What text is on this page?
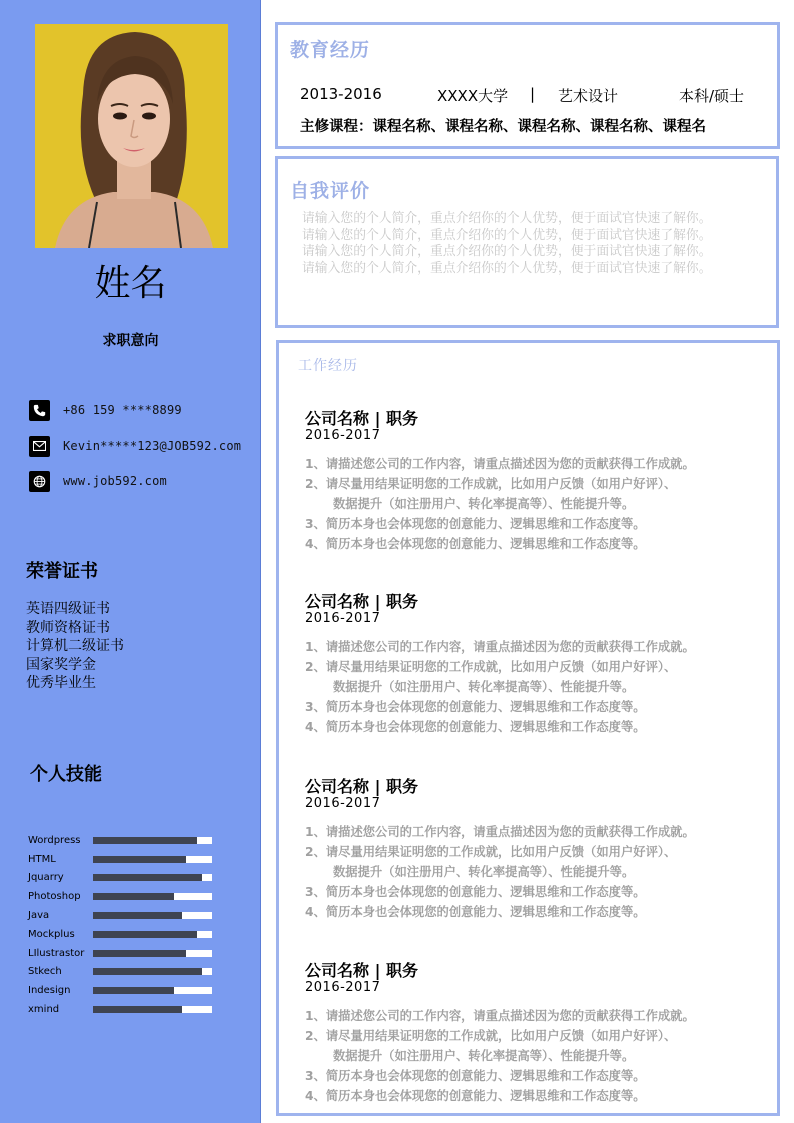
姓名
求职意向
+86 159 ****8899
Kevin*****123@JOB592.com
www.job592.com
荣誉证书
英语四级证书
教师资格证书
计算机二级证书
国家奖学金
优秀毕业生
个人技能
Wordpress
HTML
Jquarry
Photoshop
Java
Mockplus
LIlustrastor
Stkech
Indesign
xmind
教育经历
2013-2016	XXXX大学 | 艺术设计	本科/硕士
主修课程：课程名称、课程名称、课程名称、课程名称、课程名
自我评价
请输入您的个人简介，重点介绍你的个人优势，便于面试官快速了解你。
请输入您的个人简介，重点介绍你的个人优势，便于面试官快速了解你。
请输入您的个人简介，重点介绍你的个人优势，便于面试官快速了解你。
请输入您的个人简介，重点介绍你的个人优势，便于面试官快速了解你。
工作经历
公司名称 | 职务
2016-2017

1、请描述您公司的工作内容，请重点描述因为您的贡献获得工作成就。

2、请尽量用结果证明您的工作成就，比如用户反馈（如用户好评）、

数据提升（如注册用户、转化率提高等）、性能提升等。

3、简历本身也会体现您的创意能力、逻辑思维和工作态度等。

4、简历本身也会体现您的创意能力、逻辑思维和工作态度等。

公司名称 | 职务
2016-2017

1、请描述您公司的工作内容，请重点描述因为您的贡献获得工作成就。

2、请尽量用结果证明您的工作成就，比如用户反馈（如用户好评）、

数据提升（如注册用户、转化率提高等）、性能提升等。

3、简历本身也会体现您的创意能力、逻辑思维和工作态度等。

4、简历本身也会体现您的创意能力、逻辑思维和工作态度等。

公司名称 | 职务
2016-2017

1、请描述您公司的工作内容，请重点描述因为您的贡献获得工作成就。

2、请尽量用结果证明您的工作成就，比如用户反馈（如用户好评）、

数据提升（如注册用户、转化率提高等）、性能提升等。

3、简历本身也会体现您的创意能力、逻辑思维和工作态度等。

4、简历本身也会体现您的创意能力、逻辑思维和工作态度等。

公司名称 | 职务
2016-2017

1、请描述您公司的工作内容，请重点描述因为您的贡献获得工作成就。

2、请尽量用结果证明您的工作成就，比如用户反馈（如用户好评）、

数据提升（如注册用户、转化率提高等）、性能提升等。

3、简历本身也会体现您的创意能力、逻辑思维和工作态度等。

4、简历本身也会体现您的创意能力、逻辑思维和工作态度等。
